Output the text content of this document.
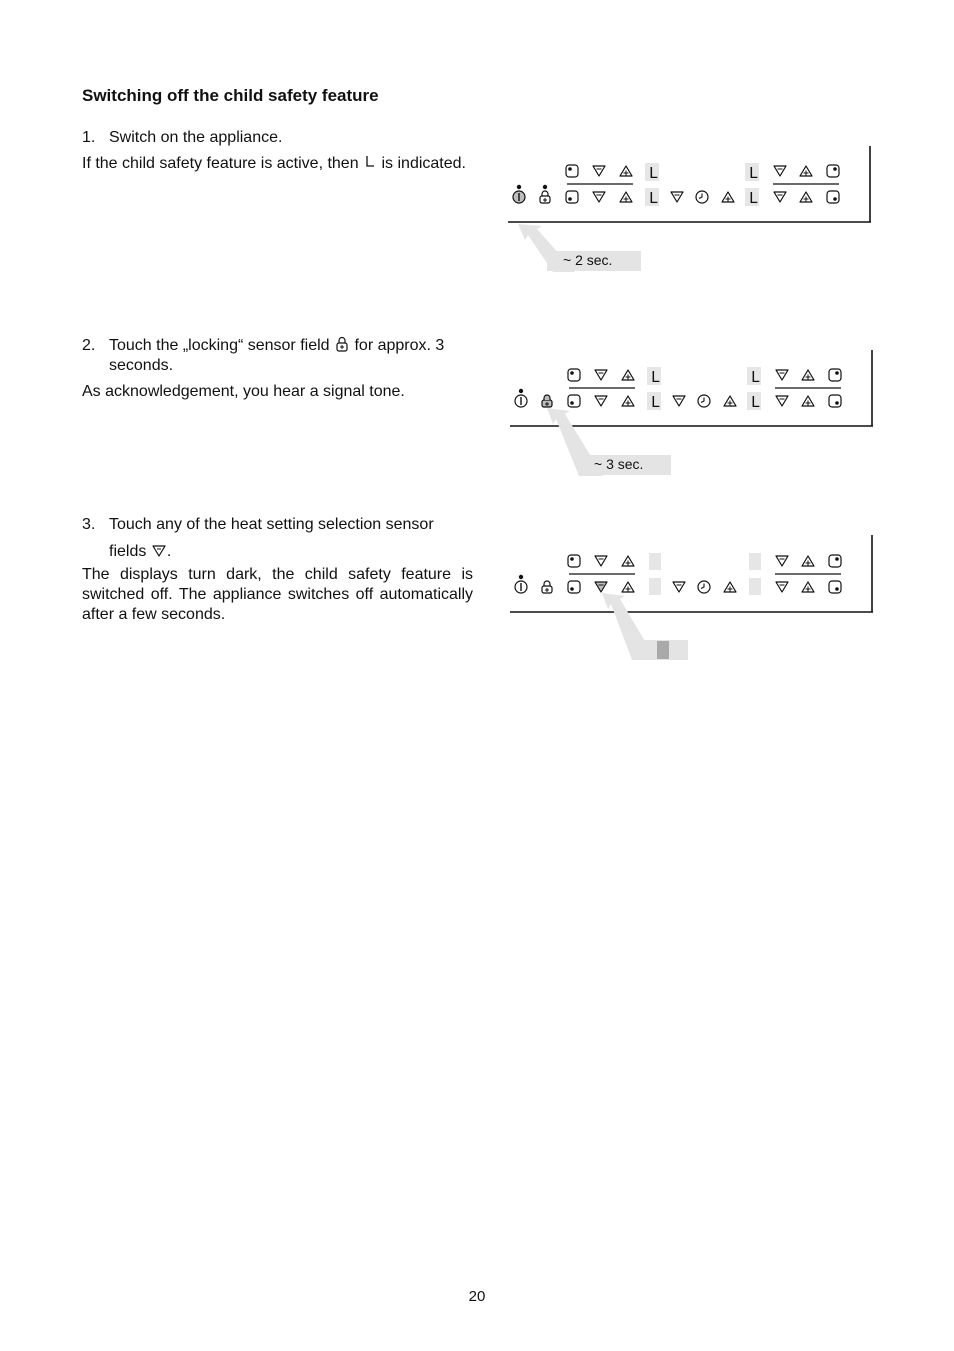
Switching off the child safety feature
1. Switch on the appliance.
If the child safety feature is active, then is indicated.
2. Touch the „locking“ sensor field for approx. 3 seconds.
As acknowledgement, you hear a signal tone.
3. Touch any of the heat setting selection sensor fields .
The displays turn dark, the child safety feature is switched off. The appliance switches off automatically after a few seconds.
L
L	L
L
~ 2 sec.
L
L	L
L
~ 3 sec.
20
